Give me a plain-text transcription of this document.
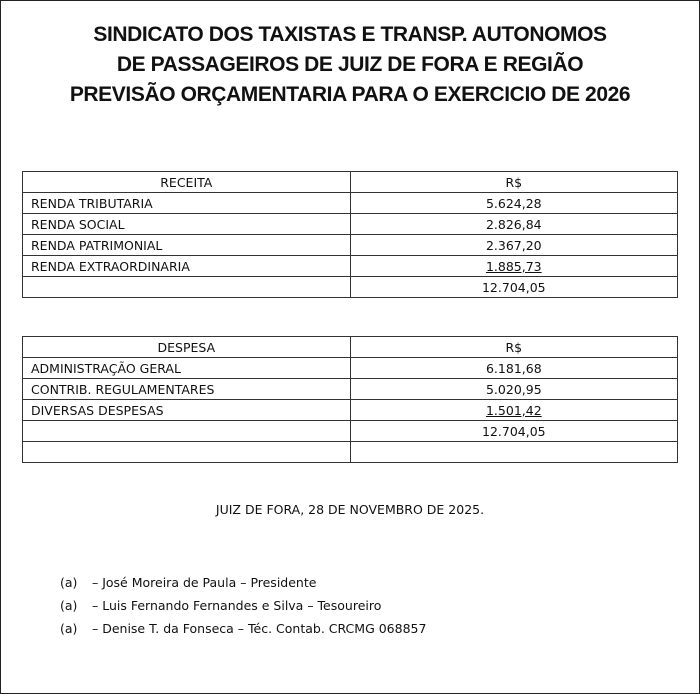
SINDICATO DOS TAXISTAS E TRANSP. AUTONOMOS
DE PASSAGEIROS DE JUIZ DE FORA E REGIÃO
PREVISÃO ORÇAMENTARIA PARA O EXERCICIO DE 2026
RECEITA	R$
RENDA TRIBUTARIA	5.624,28
RENDA SOCIAL	2.826,84
RENDA PATRIMONIAL	2.367,20
RENDA EXTRAORDINARIA	1.885,73
	12.704,05
DESPESA	R$
ADMINISTRAÇÃO GERAL	6.181,68
CONTRIB. REGULAMENTARES	5.020,95
DIVERSAS DESPESAS	1.501,42
	12.704,05

JUIZ DE FORA, 28 DE NOVEMBRO DE 2025.
(a) – José Moreira de Paula – Presidente
(a) – Luis Fernando Fernandes e Silva – Tesoureiro
(a) – Denise T. da Fonseca – Téc. Contab. CRCMG 068857
